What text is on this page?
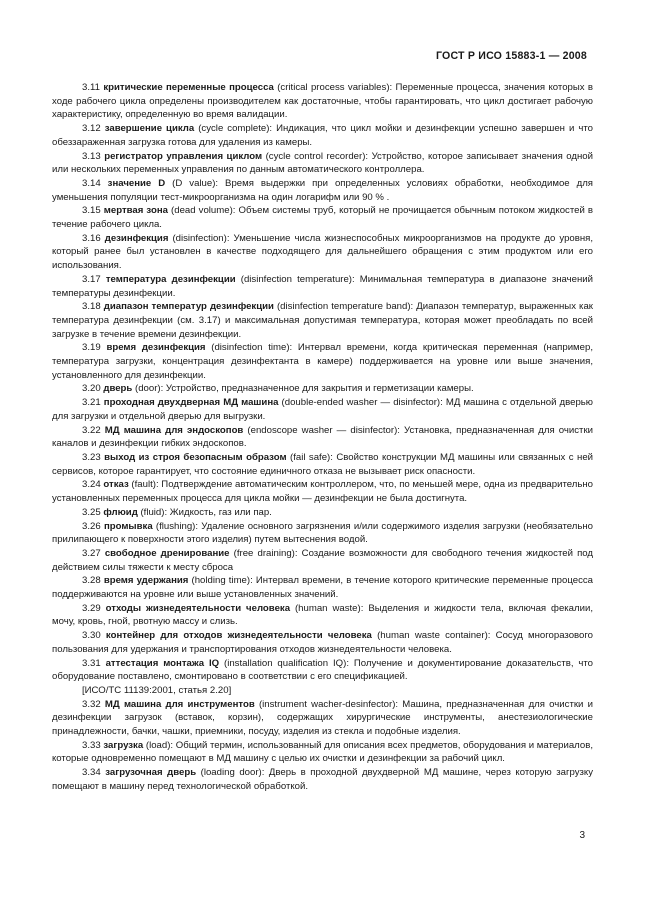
ГОСТ Р ИСО 15883-1 — 2008

3.11 критические переменные процесса (critical process variables): Переменные процесса, значения которых в ходе рабочего цикла определены производителем как достаточные, чтобы гарантировать, что цикл достигает рабочую характеристику, определенную во время валидации.

3.12 завершение цикла (cycle complete): Индикация, что цикл мойки и дезинфекции успешно завершен и что обеззараженная загрузка готова для удаления из камеры.

3.13 регистратор управления циклом (cycle control recorder): Устройство, которое записывает значения одной или нескольких переменных управления по данным автоматического контроллера.

3.14 значение D (D value): Время выдержки при определенных условиях обработки, необходимое для уменьшения популяции тест-микроорганизма на один логарифм или 90 % .

3.15 мертвая зона (dead volume): Объем системы труб, который не прочищается обычным потоком жидкостей в течение рабочего цикла.

3.16 дезинфекция (disinfection): Уменьшение числа жизнеспособных микроорганизмов на продукте до уровня, который ранее был установлен в качестве подходящего для дальнейшего обращения с этим продуктом или его использования.

3.17 температура дезинфекции (disinfection temperature): Минимальная температура в диапазоне значений температуры дезинфекции.

3.18 диапазон температур дезинфекции (disinfection temperature band): Диапазон температур, выраженных как температура дезинфекции (см. 3.17) и максимальная допустимая температура, которая может преобладать по всей загрузке в течение времени дезинфекции.

3.19 время дезинфекция (disinfection time): Интервал времени, когда критическая переменная (например, температура загрузки, концентрация дезинфектанта в камере) поддерживается на уровне или выше значения, установленного для дезинфекции.

3.20 дверь (door): Устройство, предназначенное для закрытия и герметизации камеры.

3.21 проходная двухдверная МД машина (double-ended washer — disinfector): МД машина с отдельной дверью для загрузки и отдельной дверью для выгрузки.

3.22 МД машина для эндоскопов (endoscope washer — disinfector): Установка, предназначенная для очистки каналов и дезинфекции гибких эндоскопов.

3.23 выход из строя безопасным образом (fail safe): Свойство конструкции МД машины или связанных с ней сервисов, которое гарантирует, что состояние единичного отказа не вызывает риск опасности.

3.24 отказ (fault): Подтверждение автоматическим контроллером, что, по меньшей мере, одна из предварительно установленных переменных процесса для цикла мойки — дезинфекции не была достигнута.

3.25 флюид (fluid): Жидкость, газ или пар.

3.26 промывка (flushing): Удаление основного загрязнения и/или содержимого изделия загрузки (необязательно прилипающего к поверхности этого изделия) путем вытеснения водой.

3.27 свободное дренирование (free draining): Создание возможности для свободного течения жидкостей под действием силы тяжести к месту сброса

3.28 время удержания (holding time): Интервал времени, в течение которого критические переменные процесса поддерживаются на уровне или выше установленных значений.

3.29 отходы жизнедеятельности человека (human waste): Выделения и жидкости тела, включая фекалии, мочу, кровь, гной, рвотную массу и слизь.

3.30 контейнер для отходов жизнедеятельности человека (human waste container): Сосуд многоразового пользования для удержания и транспортирования отходов жизнедеятельности человека.

3.31 аттестация монтажа IQ (installation qualification IQ): Получение и документирование доказательств, что оборудование поставлено, смонтировано в соответствии с его спецификацией.

[ИСО/ТС 11139:2001, статья 2.20]

3.32 МД машина для инструментов (instrument wacher-desinfector): Машина, предназначенная для очистки и дезинфекции загрузок (вставок, корзин), содержащих хирургические инструменты, анестезиологические принадлежности, бачки, чашки, приемники, посуду, изделия из стекла и подобные изделия.

3.33 загрузка (load): Общий термин, использованный для описания всех предметов, оборудования и материалов, которые одновременно помещают в МД машину с целью их очистки и дезинфекции за рабочий цикл.

3.34 загрузочная дверь (loading door): Дверь в проходной двухдверной МД машине, через которую загрузку помещают в машину перед технологической обработкой.

3
